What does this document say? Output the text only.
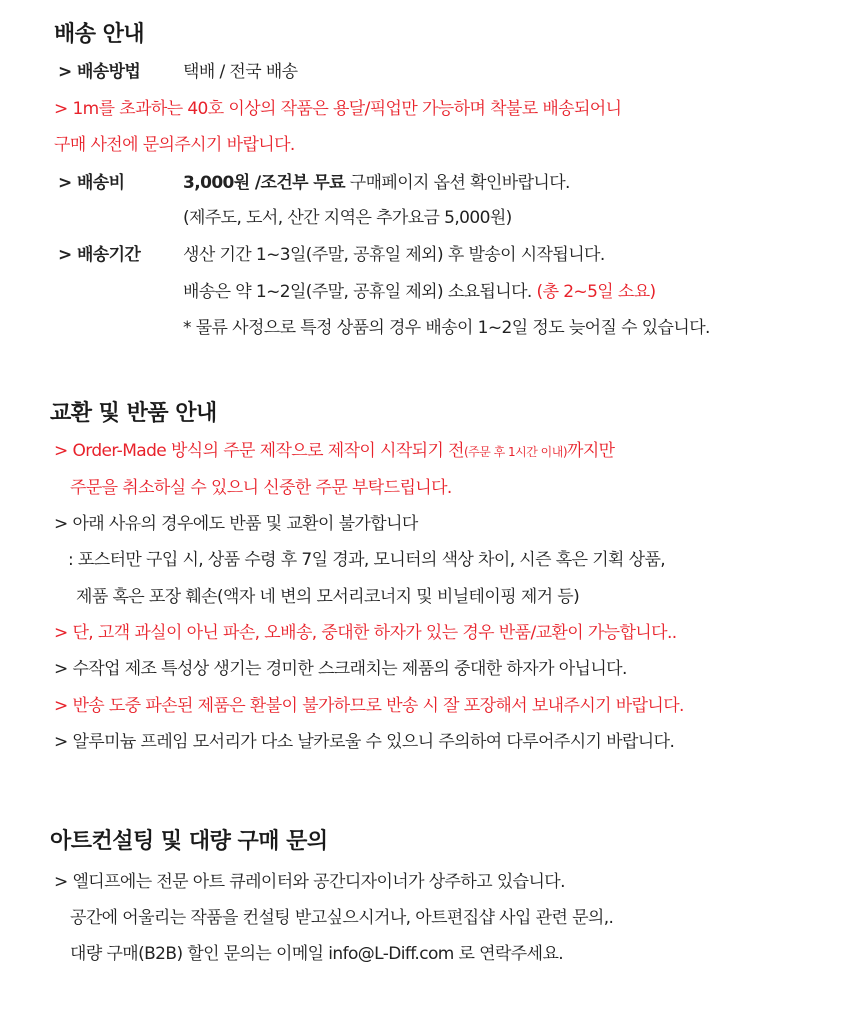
배송 안내
> 배송방법	택배 / 전국 배송
> 1m를 초과하는 40호 이상의 작품은 용달/픽업만 가능하며 착불로 배송되어니
구매 사전에 문의주시기 바랍니다.
> 배송비	3,000원 /조건부 무료 구매페이지 옵션 확인바랍니다.
(제주도, 도서, 산간 지역은 추가요금 5,000원)
> 배송기간	생산 기간 1~3일(주말, 공휴일 제외) 후 발송이 시작됩니다.
배송은 약 1~2일(주말, 공휴일 제외) 소요됩니다. (총 2~5일 소요)
* 물류 사정으로 특정 상품의 경우 배송이 1~2일 정도 늦어질 수 있습니다.
교환 및 반품 안내
> Order-Made 방식의 주문 제작으로 제작이 시작되기 전(주문 후 1시간 이내)까지만
주문을 취소하실 수 있으니 신중한 주문 부탁드립니다.
> 아래 사유의 경우에도 반품 및 교환이 불가합니다
: 포스터만 구입 시, 상품 수령 후 7일 경과, 모니터의 색상 차이, 시즌 혹은 기획 상품,
제품 혹은 포장 훼손(액자 네 변의 모서리코너지 및 비닐테이핑 제거 등)
> 단, 고객 과실이 아닌 파손, 오배송, 중대한 하자가 있는 경우 반품/교환이 가능합니다..
> 수작업 제조 특성상 생기는 경미한 스크래치는 제품의 중대한 하자가 아닙니다.
> 반송 도중 파손된 제품은 환불이 불가하므로 반송 시 잘 포장해서 보내주시기 바랍니다.
> 알루미늄 프레임 모서리가 다소 날카로울 수 있으니 주의하여 다루어주시기 바랍니다.
아트컨설팅 및 대량 구매 문의
> 엘디프에는 전문 아트 큐레이터와 공간디자이너가 상주하고 있습니다.
공간에 어울리는 작품을 컨설팅 받고싶으시거나, 아트편집샵 사입 관련 문의,.
대량 구매(B2B) 할인 문의는 이메일 info@L-Diff.com 로 연락주세요.
